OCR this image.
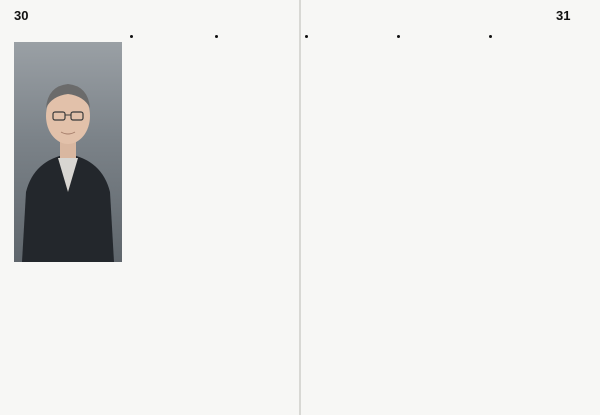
30	31
